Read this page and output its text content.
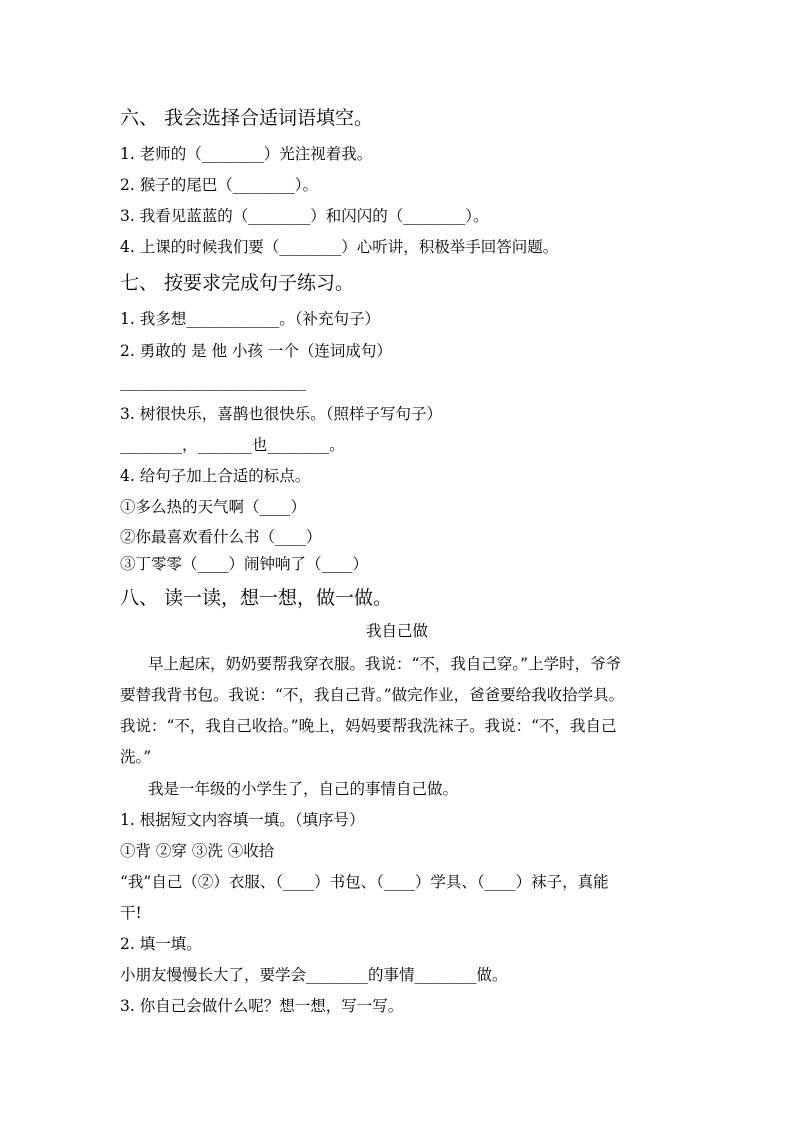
六、 我会选择合适词语填空。
1. 老师的（________）光注视着我。
2. 猴子的尾巴（________）。
3. 我看见蓝蓝的（________）和闪闪的（________）。
4. 上课的时候我们要（________）心听讲，积极举手回答问题。
七、 按要求完成句子练习。
1. 我多想____________。（补充句子）
2. 勇敢的 是 他 小孩 一个（连词成句）
________________________
3. 树很快乐，喜鹊也很快乐。（照样子写句子）
________，_______也________。
4. 给句子加上合适的标点。
①多么热的天气啊（____）
②你最喜欢看什么书（____）
③丁零零（____）闹钟响了（____）
八、 读一读，想一想，做一做。
我自己做
早上起床，奶奶要帮我穿衣服。我说：“不，我自己穿。”上学时，爷爷
要替我背书包。我说：“不，我自己背。”做完作业，爸爸要给我收拾学具。
我说：“不，我自己收拾。”晚上，妈妈要帮我洗袜子。我说：“不，我自己
洗。”
我是一年级的小学生了，自己的事情自己做。
1. 根据短文内容填一填。（填序号）
①背 ②穿 ③洗 ④收拾
“我”自己（②）衣服、（____）书包、（____）学具、（____）袜子，真能
干!
2. 填一填。
小朋友慢慢长大了，要学会________的事情________做。
3. 你自己会做什么呢？想一想，写一写。
